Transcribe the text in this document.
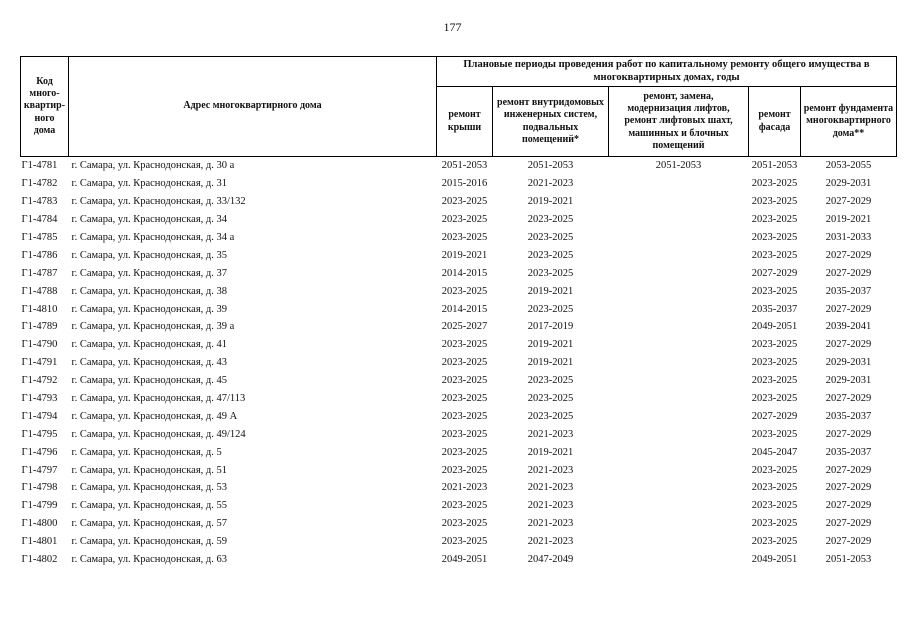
177
Код много-квартир-ного дома	Адрес многоквартирного дома	Плановые периоды проведения работ по капитальному ремонту общего имущества в многоквартирных домах, годы				
		ремонт крыши	ремонт внутридомовых инженерных систем, подвальных помещений*	ремонт, замена, модернизация лифтов, ремонт лифтовых шахт, машинных и блочных помещений	ремонт фасада	ремонт фундамента многоквартирного дома**
Г1-4781	г. Самара, ул. Краснодонская, д. 30 а	2051-2053	2051-2053	2051-2053	2051-2053	2053-2055
Г1-4782	г. Самара, ул. Краснодонская, д. 31	2015-2016	2021-2023		2023-2025	2029-2031
Г1-4783	г. Самара, ул. Краснодонская, д. 33/132	2023-2025	2019-2021		2023-2025	2027-2029
Г1-4784	г. Самара, ул. Краснодонская, д. 34	2023-2025	2023-2025		2023-2025	2019-2021
Г1-4785	г. Самара, ул. Краснодонская, д. 34 а	2023-2025	2023-2025		2023-2025	2031-2033
Г1-4786	г. Самара, ул. Краснодонская, д. 35	2019-2021	2023-2025		2023-2025	2027-2029
Г1-4787	г. Самара, ул. Краснодонская, д. 37	2014-2015	2023-2025		2027-2029	2027-2029
Г1-4788	г. Самара, ул. Краснодонская, д. 38	2023-2025	2019-2021		2023-2025	2035-2037
Г1-4810	г. Самара, ул. Краснодонская, д. 39	2014-2015	2023-2025		2035-2037	2027-2029
Г1-4789	г. Самара, ул. Краснодонская, д. 39 а	2025-2027	2017-2019		2049-2051	2039-2041
Г1-4790	г. Самара, ул. Краснодонская, д. 41	2023-2025	2019-2021		2023-2025	2027-2029
Г1-4791	г. Самара, ул. Краснодонская, д. 43	2023-2025	2019-2021		2023-2025	2029-2031
Г1-4792	г. Самара, ул. Краснодонская, д. 45	2023-2025	2023-2025		2023-2025	2029-2031
Г1-4793	г. Самара, ул. Краснодонская, д. 47/113	2023-2025	2023-2025		2023-2025	2027-2029
Г1-4794	г. Самара, ул. Краснодонская, д. 49 А	2023-2025	2023-2025		2027-2029	2035-2037
Г1-4795	г. Самара, ул. Краснодонская, д. 49/124	2023-2025	2021-2023		2023-2025	2027-2029
Г1-4796	г. Самара, ул. Краснодонская, д. 5	2023-2025	2019-2021		2045-2047	2035-2037
Г1-4797	г. Самара, ул. Краснодонская, д. 51	2023-2025	2021-2023		2023-2025	2027-2029
Г1-4798	г. Самара, ул. Краснодонская, д. 53	2021-2023	2021-2023		2023-2025	2027-2029
Г1-4799	г. Самара, ул. Краснодонская, д. 55	2023-2025	2021-2023		2023-2025	2027-2029
Г1-4800	г. Самара, ул. Краснодонская, д. 57	2023-2025	2021-2023		2023-2025	2027-2029
Г1-4801	г. Самара, ул. Краснодонская, д. 59	2023-2025	2021-2023		2023-2025	2027-2029
Г1-4802	г. Самара, ул. Краснодонская, д. 63	2049-2051	2047-2049		2049-2051	2051-2053
